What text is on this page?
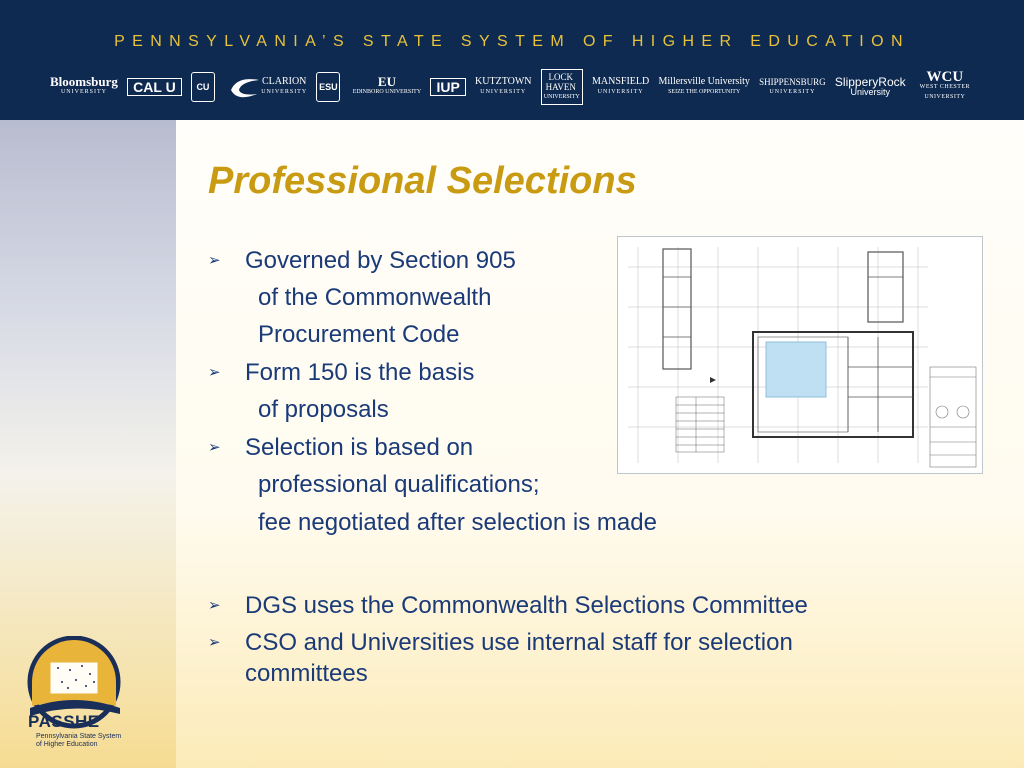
PENNSYLVANIA’S STATE SYSTEM OF HIGHER EDUCATION
Bloomsburg
UNIVERSITY	CAL U	CU	CLARION
UNIVERSITY	ESU	EU
EDINBORO UNIVERSITY	IUP	KUTZTOWN
UNIVERSITY
LOCK HAVEN
UNIVERSITY
MANSFIELD
UNIVERSITY
Millersville University
SEIZE THE OPPORTUNITY
SHIPPENSBURG
UNIVERSITY
SlipperyRock
University
WCU
WEST CHESTER UNIVERSITY
Professional Selections
➢ Governed by Section 905
of the Commonwealth
Procurement Code
➢ Form 150 is the basis
of proposals
➢ Selection is based on
professional qualifications;
fee negotiated after selection is made
➢ DGS uses the Commonwealth Selections Committee
➢ CSO and Universities use internal staff for selection
committees
PASSHE
Pennsylvania State System
of Higher Education
